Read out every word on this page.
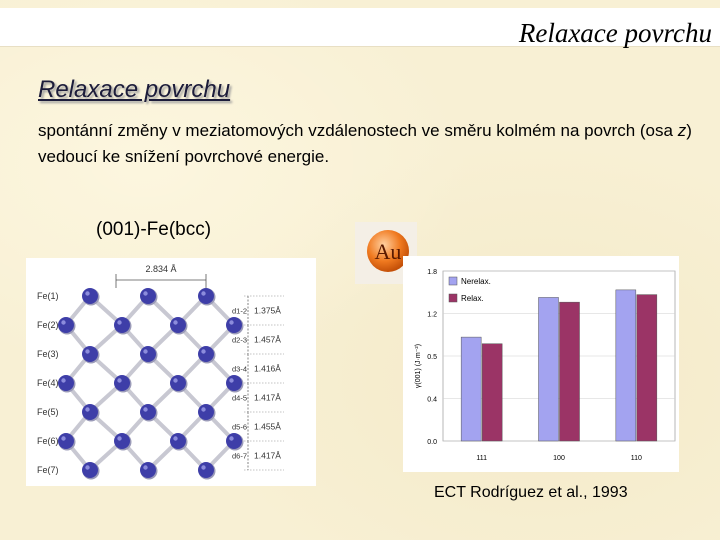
Relaxace povrchu
Relaxace povrchu
spontánní změny v meziatomových vzdálenostech ve směru kolmém na povrch (osa z) vedoucí ke snížení povrchové energie.
(001)-Fe(bcc)
Fe(1)
Fe(2)
Fe(3)
Fe(4)
Fe(5)
Fe(6)
Fe(7)
d1-2 1.375Å
d2-3 1.457Å
d3-4 1.416Å
d4-5 1.417Å
d5-6 1.455Å
d6-7 1.417Å
2.834 Å
Au
0.0
0.4
0.5
1.2
1.8
111	100	110
Nerelax.
Relax.
γ(001) (J·m⁻²)
ECT Rodríguez et al., 1993
